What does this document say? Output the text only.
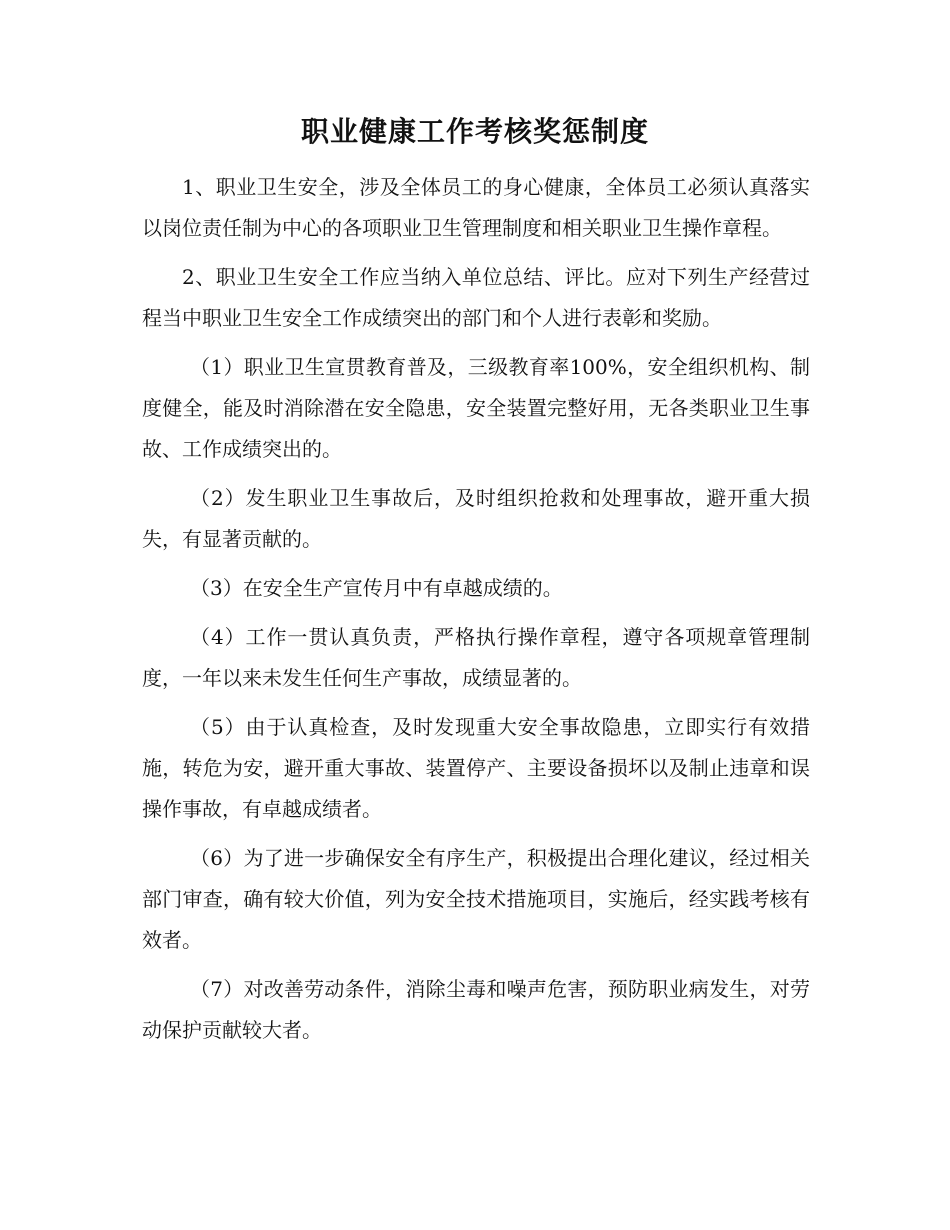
职业健康工作考核奖惩制度

1、职业卫生安全，涉及全体员工的身心健康，全体员工必须认真落实以岗位责任制为中心的各项职业卫生管理制度和相关职业卫生操作章程。

2、职业卫生安全工作应当纳入单位总结、评比。应对下列生产经营过程当中职业卫生安全工作成绩突出的部门和个人进行表彰和奖励。

（1）职业卫生宣贯教育普及，三级教育率100%，安全组织机构、制度健全，能及时消除潜在安全隐患，安全装置完整好用，无各类职业卫生事故、工作成绩突出的。

（2）发生职业卫生事故后，及时组织抢救和处理事故，避开重大损失，有显著贡献的。

（3）在安全生产宣传月中有卓越成绩的。

（4）工作一贯认真负责，严格执行操作章程，遵守各项规章管理制度，一年以来未发生任何生产事故，成绩显著的。

（5）由于认真检查，及时发现重大安全事故隐患，立即实行有效措施，转危为安，避开重大事故、装置停产、主要设备损坏以及制止违章和误操作事故，有卓越成绩者。

（6）为了进一步确保安全有序生产，积极提出合理化建议，经过相关部门审查，确有较大价值，列为安全技术措施项目，实施后，经实践考核有效者。

（7）对改善劳动条件，消除尘毒和噪声危害，预防职业病发生，对劳动保护贡献较大者。
